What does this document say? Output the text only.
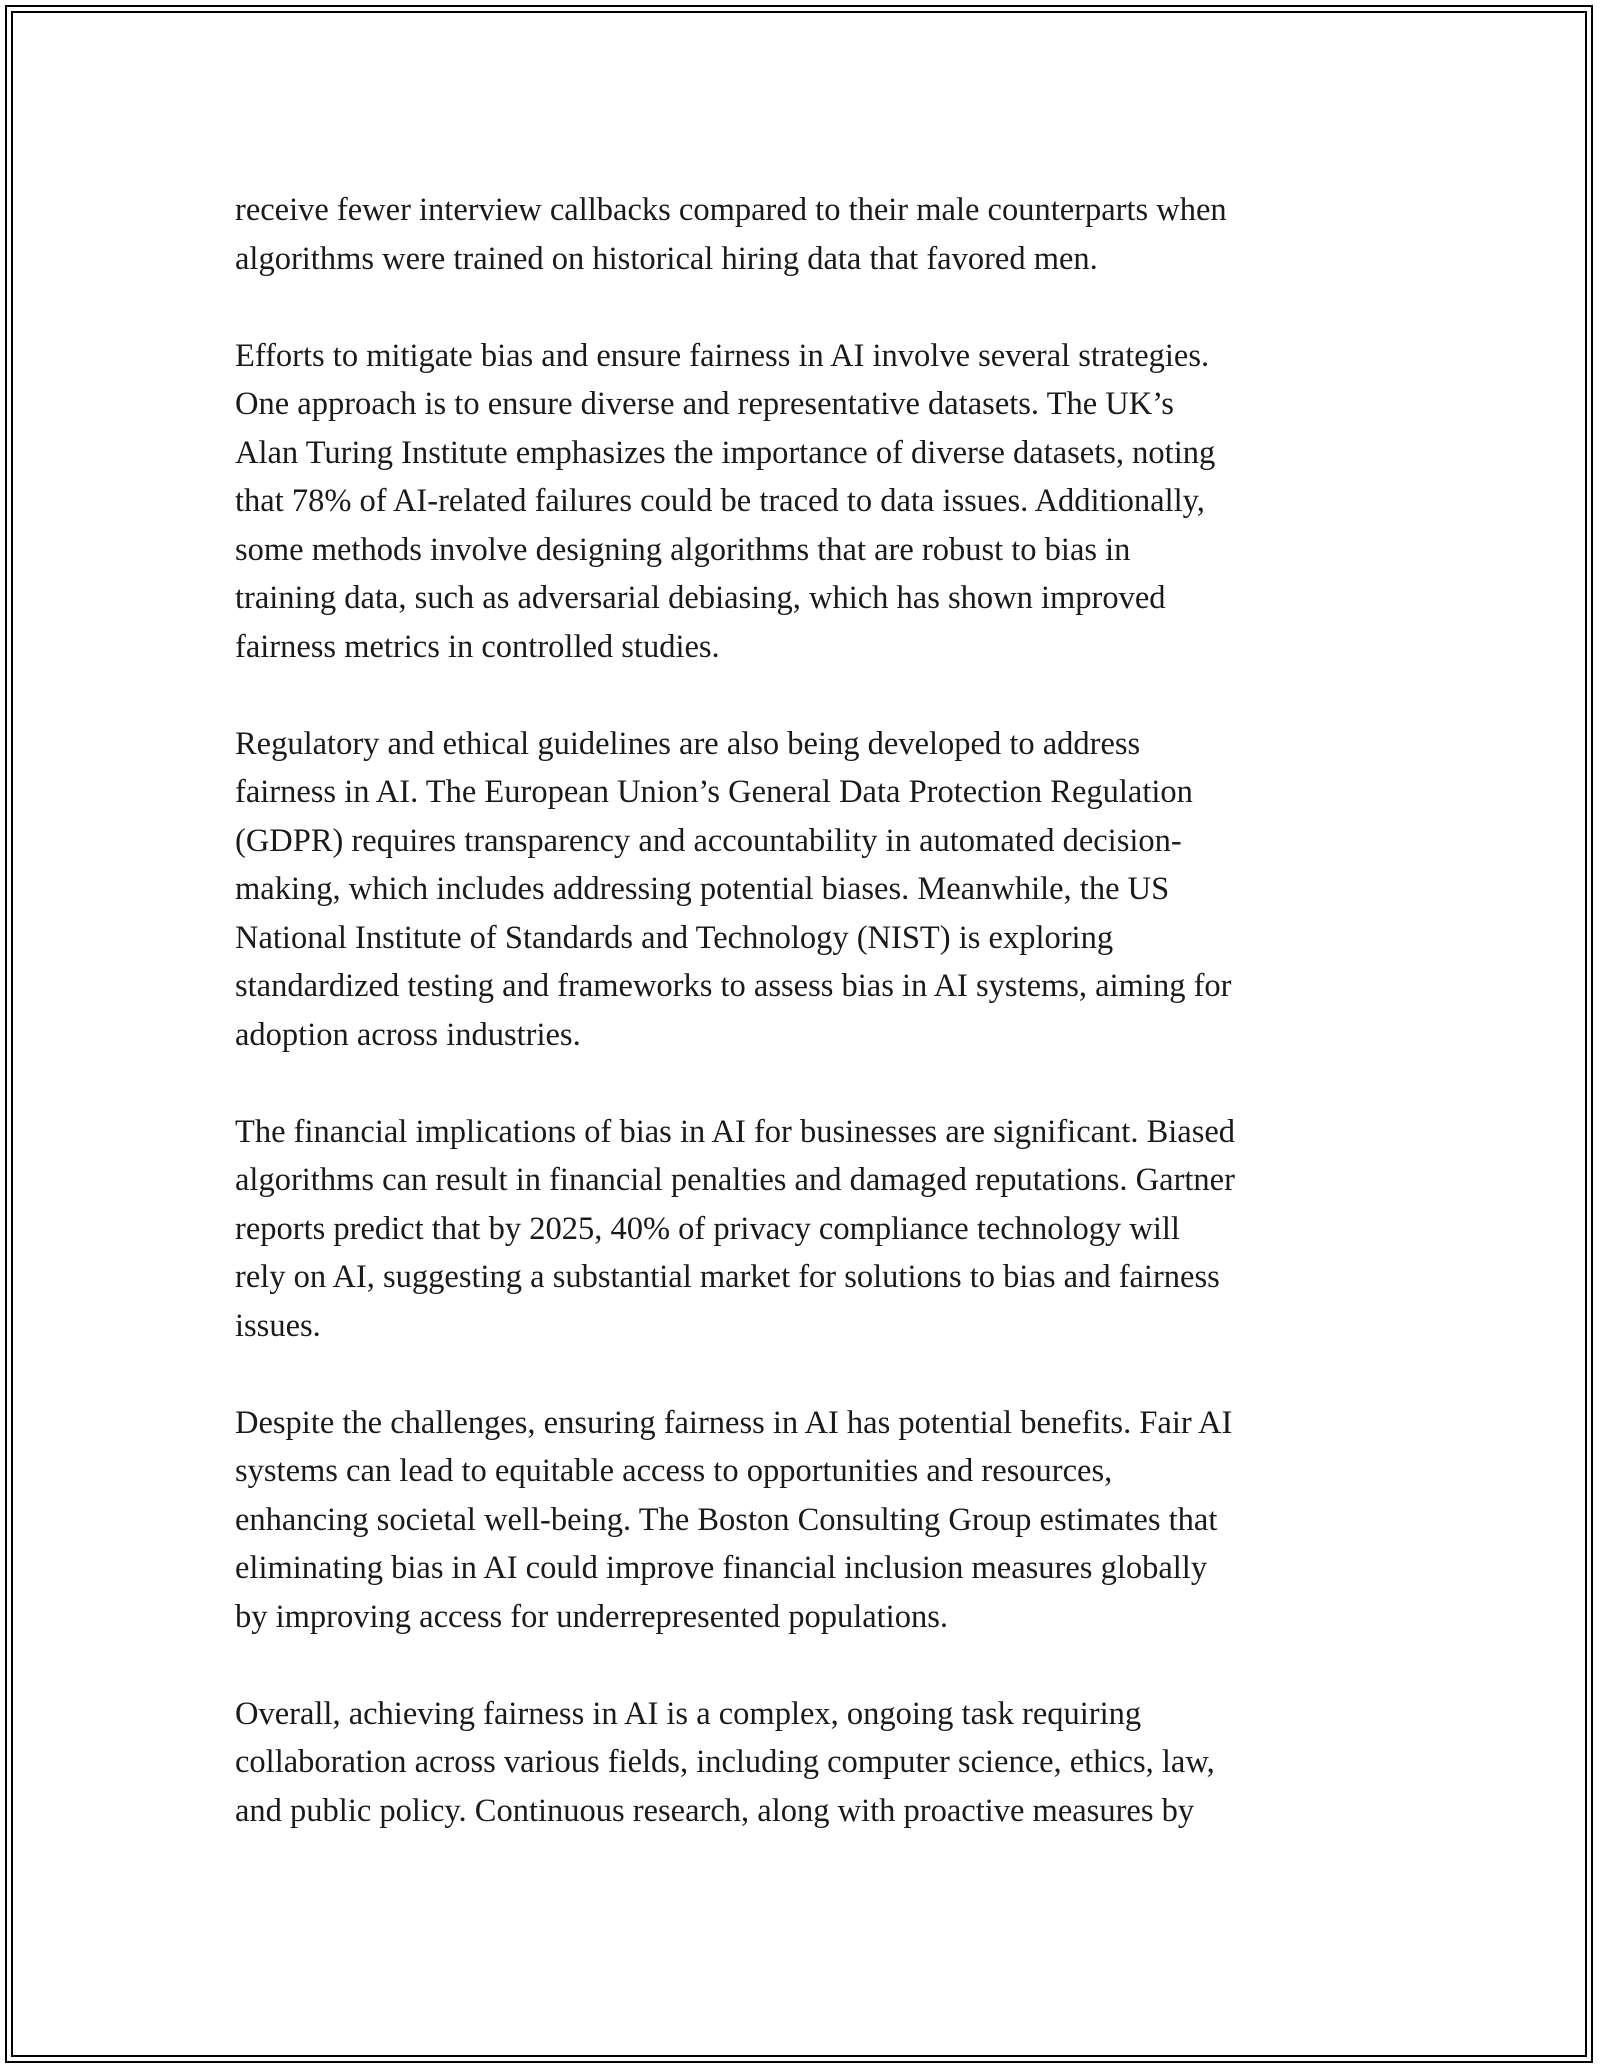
receive fewer interview callbacks compared to their male counterparts when
algorithms were trained on historical hiring data that favored men.

Efforts to mitigate bias and ensure fairness in AI involve several strategies.
One approach is to ensure diverse and representative datasets. The UK’s
Alan Turing Institute emphasizes the importance of diverse datasets, noting
that 78% of AI-related failures could be traced to data issues. Additionally,
some methods involve designing algorithms that are robust to bias in
training data, such as adversarial debiasing, which has shown improved
fairness metrics in controlled studies.

Regulatory and ethical guidelines are also being developed to address
fairness in AI. The European Union’s General Data Protection Regulation
(GDPR) requires transparency and accountability in automated decision-
making, which includes addressing potential biases. Meanwhile, the US
National Institute of Standards and Technology (NIST) is exploring
standardized testing and frameworks to assess bias in AI systems, aiming for
adoption across industries.

The financial implications of bias in AI for businesses are significant. Biased
algorithms can result in financial penalties and damaged reputations. Gartner
reports predict that by 2025, 40% of privacy compliance technology will
rely on AI, suggesting a substantial market for solutions to bias and fairness
issues.

Despite the challenges, ensuring fairness in AI has potential benefits. Fair AI
systems can lead to equitable access to opportunities and resources,
enhancing societal well-being. The Boston Consulting Group estimates that
eliminating bias in AI could improve financial inclusion measures globally
by improving access for underrepresented populations.

Overall, achieving fairness in AI is a complex, ongoing task requiring
collaboration across various fields, including computer science, ethics, law,
and public policy. Continuous research, along with proactive measures by
